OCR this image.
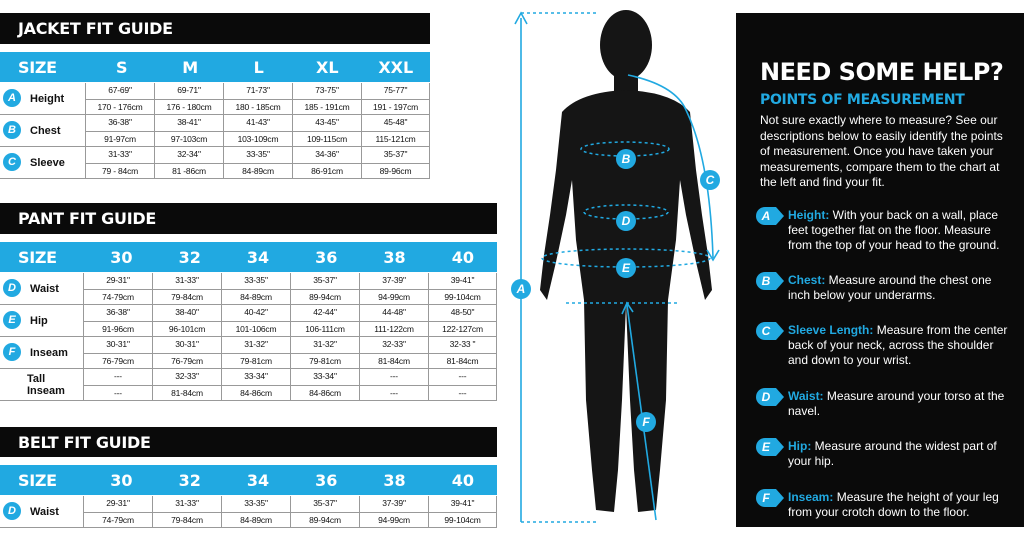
JACKET FIT GUIDE
SIZE	S	M	L	XL	XXL
A	Height
67-69"	69-71"	71-73"	73-75"	75-77"
170 - 176cm	176 - 180cm	180 - 185cm	185 - 191cm	191 - 197cm
B	Chest
36-38"	38-41"	41-43"	43-45"	45-48"
91-97cm	97-103cm	103-109cm	109-115cm	115-121cm
C	Sleeve
31-33"	32-34"	33-35"	34-36"	35-37"
79 - 84cm	81 -86cm	84-89cm	86-91cm	89-96cm
PANT FIT GUIDE
SIZE	30	32	34	36	38	40
D	Waist
29-31"	31-33"	33-35"	35-37"	37-39"	39-41"
74-79cm	79-84cm	84-89cm	89-94cm	94-99cm	99-104cm
E	Hip
36-38"	38-40"	40-42"	42-44"	44-48"	48-50"
91-96cm	96-101cm	101-106cm	106-111cm	111-122cm	122-127cm
F	Inseam
30-31"	30-31"	31-32"	31-32"	32-33"	32-33 "
76-79cm	76-79cm	79-81cm	79-81cm	81-84cm	81-84cm
Tall Inseam
---	32-33"	33-34"	33-34"	---	---
---	81-84cm	84-86cm	84-86cm	---	---
BELT FIT GUIDE
SIZE	30	32	34	36	38	40
D	Waist
29-31"	31-33"	33-35"	35-37"	37-39"	39-41"
74-79cm	79-84cm	84-89cm	89-94cm	94-99cm	99-104cm
A
B
C
D
E
F
NEED SOME HELP?
POINTS OF MEASUREMENT

Not sure exactly where to measure? See our descriptions below to easily identify the points of measurement. Once you have taken your measurements, compare them to the chart at the left and find your fit.

A	Height: With your back on a wall, place feet together flat on the floor. Measure from the top of your head to the ground.

B	Chest: Measure around the chest one inch below your underarms.

C	Sleeve Length: Measure from the center back of your neck, across the shoulder and down to your wrist.

D	Waist: Measure around your torso at the navel.

E	Hip: Measure around the widest part of your hip.

F	Inseam: Measure the height of your leg from your crotch down to the floor.
